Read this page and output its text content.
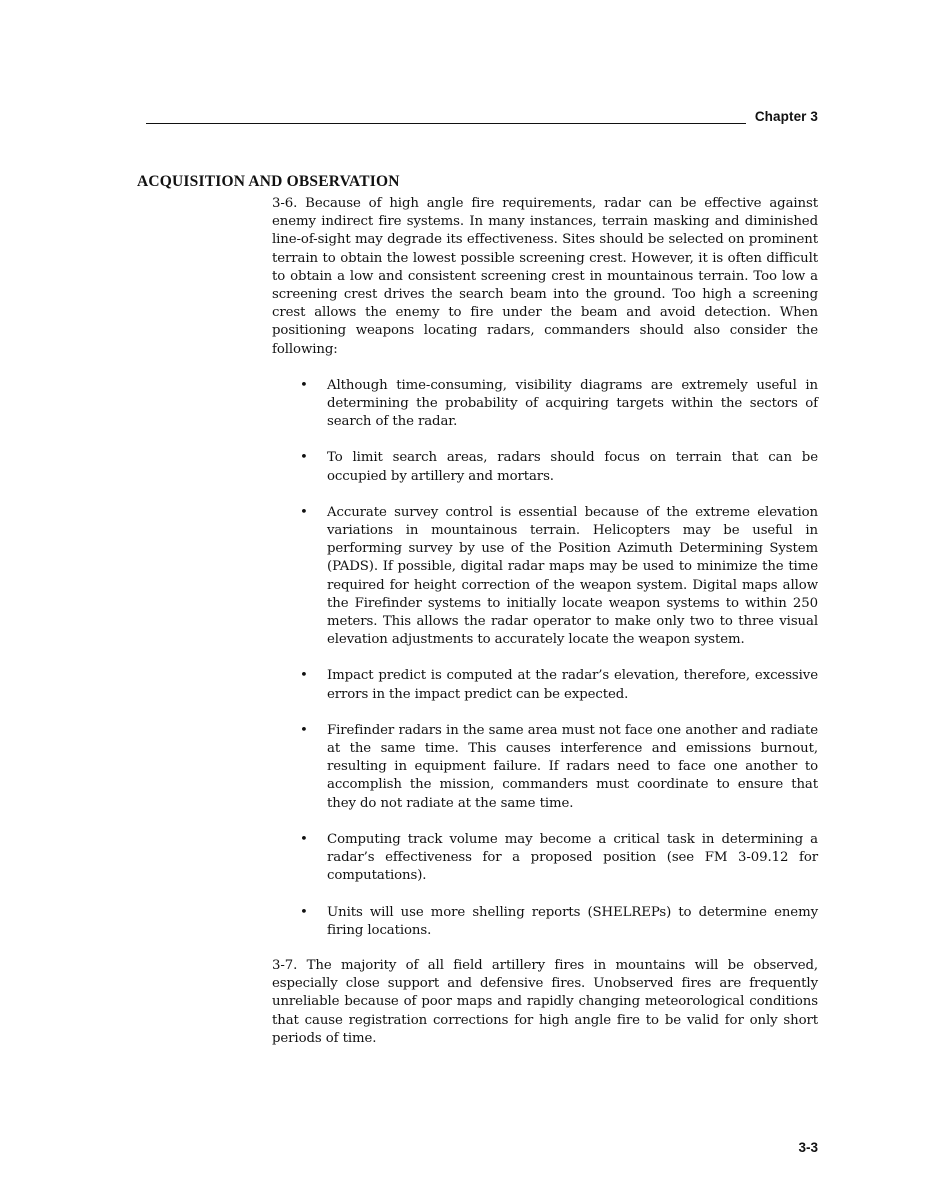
Chapter 3
ACQUISITION AND OBSERVATION

3-6. Because of high angle fire requirements, radar can be effective against enemy indirect fire systems. In many instances, terrain masking and diminished line-of-sight may degrade its effectiveness. Sites should be selected on prominent terrain to obtain the lowest possible screening crest. However, it is often difficult to obtain a low and consistent screening crest in mountainous terrain. Too low a screening crest drives the search beam into the ground. Too high a screening crest allows the enemy to fire under the beam and avoid detection. When positioning weapons locating radars, commanders should also consider the following:

• Although time-consuming, visibility diagrams are extremely useful in determining the probability of acquiring targets within the sectors of search of the radar.
• To limit search areas, radars should focus on terrain that can be occupied by artillery and mortars.
• Accurate survey control is essential because of the extreme elevation variations in mountainous terrain. Helicopters may be useful in performing survey by use of the Position Azimuth Determining System (PADS). If possible, digital radar maps may be used to minimize the time required for height correction of the weapon system. Digital maps allow the Firefinder systems to initially locate weapon systems to within 250 meters. This allows the radar operator to make only two to three visual elevation adjustments to accurately locate the weapon system.
• Impact predict is computed at the radar’s elevation, therefore, excessive errors in the impact predict can be expected.
• Firefinder radars in the same area must not face one another and radiate at the same time. This causes interference and emissions burnout, resulting in equipment failure. If radars need to face one another to accomplish the mission, commanders must coordinate to ensure that they do not radiate at the same time.
• Computing track volume may become a critical task in determining a radar’s effectiveness for a proposed position (see FM 3-09.12 for computations).
• Units will use more shelling reports (SHELREPs) to determine enemy firing locations.

3-7. The majority of all field artillery fires in mountains will be observed, especially close support and defensive fires. Unobserved fires are frequently unreliable because of poor maps and rapidly changing meteorological conditions that cause registration corrections for high angle fire to be valid for only short periods of time.

3-3
